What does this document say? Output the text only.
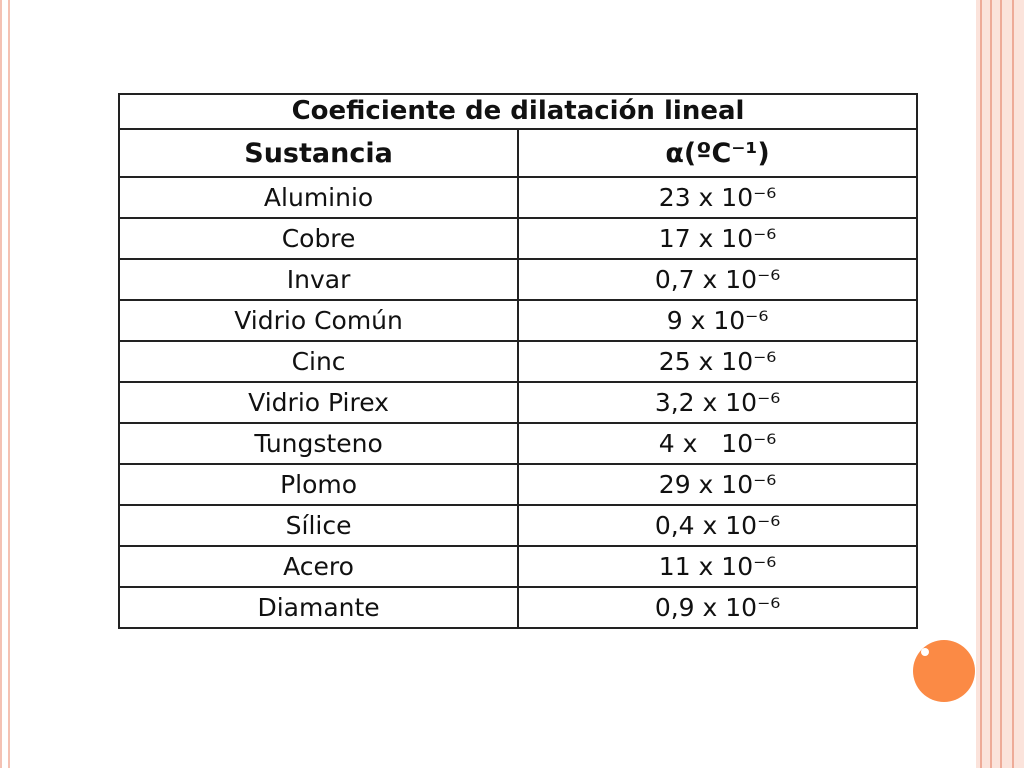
Coeficiente de dilatación lineal	
Sustancia	α(ºC⁻¹)
Aluminio	23 x 10⁻⁶
Cobre	17 x 10⁻⁶
Invar	0,7 x 10⁻⁶
Vidrio Común	9 x 10⁻⁶
Cinc	25 x 10⁻⁶
Vidrio Pirex	3,2 x 10⁻⁶
Tungsteno	4 x   10⁻⁶
Plomo	29 x 10⁻⁶
Sílice	0,4 x 10⁻⁶
Acero	11 x 10⁻⁶
Diamante	0,9 x 10⁻⁶
